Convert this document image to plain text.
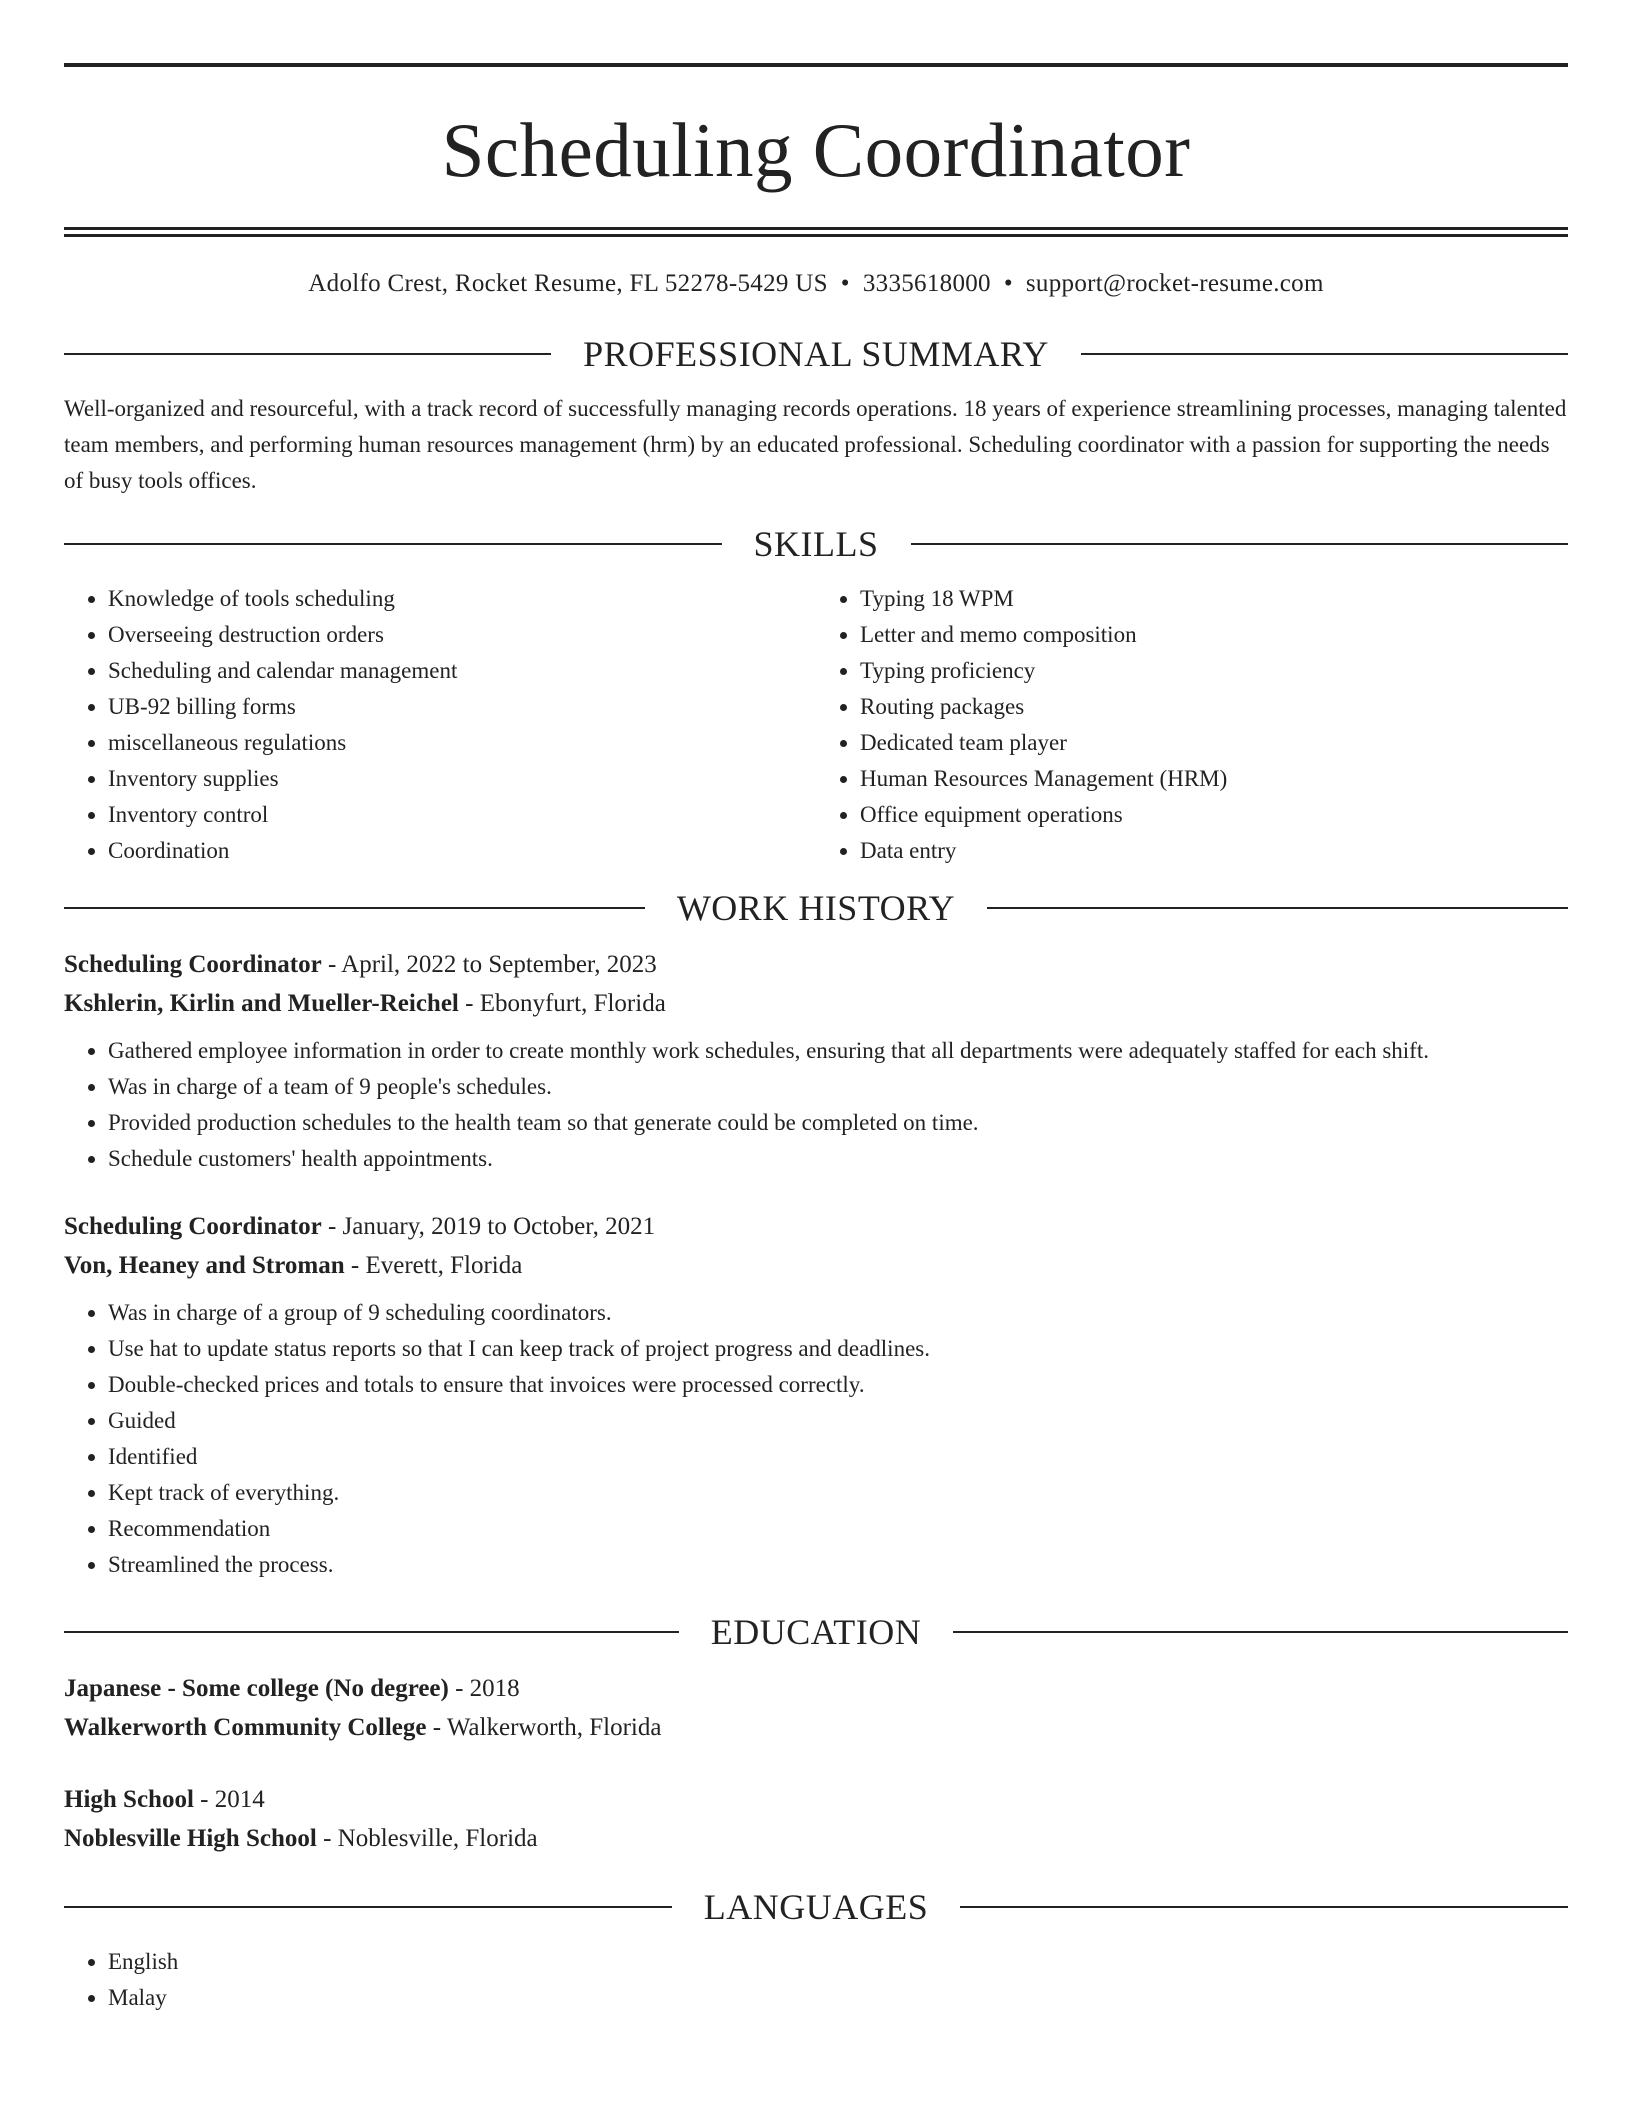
Scheduling Coordinator
Adolfo Crest, Rocket Resume, FL 52278-5429 US • 3335618000 • support@rocket-resume.com
PROFESSIONAL SUMMARY
Well-organized and resourceful, with a track record of successfully managing records operations. 18 years of experience streamlining processes, managing talented team members, and performing human resources management (hrm) by an educated professional. Scheduling coordinator with a passion for supporting the needs of busy tools offices.
SKILLS
• Knowledge of tools scheduling
• Overseeing destruction orders
• Scheduling and calendar management
• UB-92 billing forms
• miscellaneous regulations
• Inventory supplies
• Inventory control
• Coordination
• Typing 18 WPM
• Letter and memo composition
• Typing proficiency
• Routing packages
• Dedicated team player
• Human Resources Management (HRM)
• Office equipment operations
• Data entry
WORK HISTORY
Scheduling Coordinator - April, 2022 to September, 2023
Kshlerin, Kirlin and Mueller-Reichel - Ebonyfurt, Florida
• Gathered employee information in order to create monthly work schedules, ensuring that all departments were adequately staffed for each shift.
• Was in charge of a team of 9 people's schedules.
• Provided production schedules to the health team so that generate could be completed on time.
• Schedule customers' health appointments.
Scheduling Coordinator - January, 2019 to October, 2021
Von, Heaney and Stroman - Everett, Florida
• Was in charge of a group of 9 scheduling coordinators.
• Use hat to update status reports so that I can keep track of project progress and deadlines.
• Double-checked prices and totals to ensure that invoices were processed correctly.
• Guided
• Identified
• Kept track of everything.
• Recommendation
• Streamlined the process.
EDUCATION
Japanese - Some college (No degree) - 2018
Walkerworth Community College - Walkerworth, Florida
High School - 2014
Noblesville High School - Noblesville, Florida
LANGUAGES
• English
• Malay
